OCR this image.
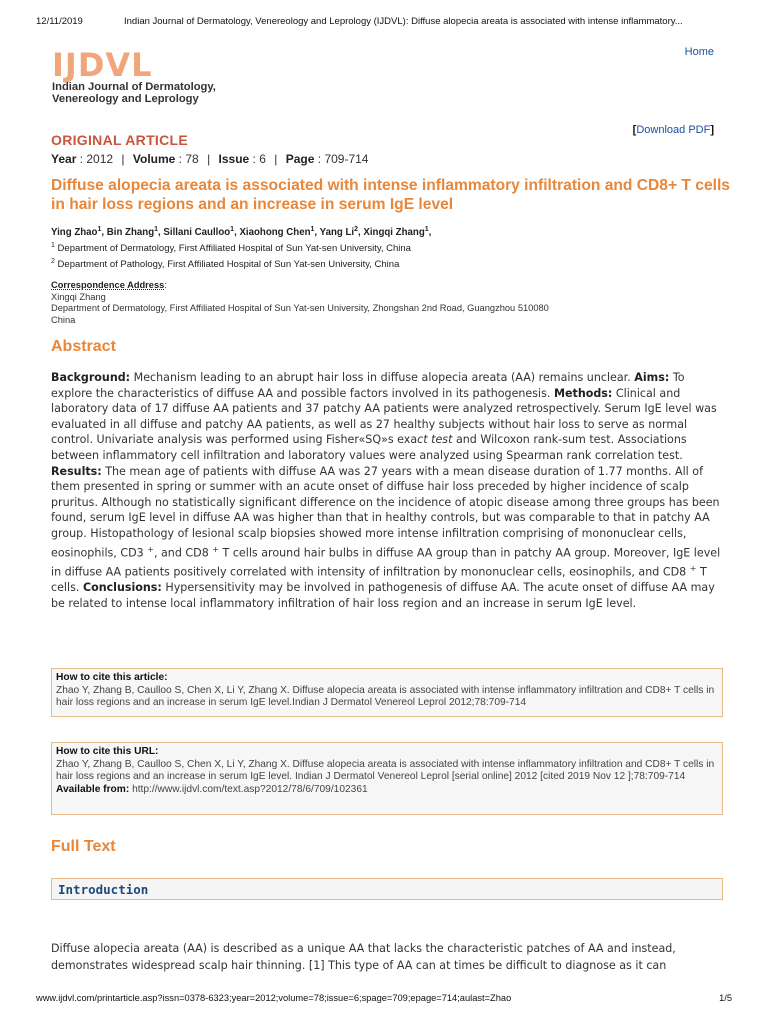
12/11/2019	Indian Journal of Dermatology, Venereology and Leprology (IJDVL): Diffuse alopecia areata is associated with intense inflammatory...
IJDVL
Indian Journal of Dermatology,
Venereology and Leprology
Home
ORIGINAL ARTICLE
[Download PDF]
Year : 2012 | Volume : 78 | Issue : 6 | Page : 709-714
Diffuse alopecia areata is associated with intense inflammatory infiltration and CD8+ T cells in hair loss regions and an increase in serum IgE level
Ying Zhao$^1$, Bin Zhang$^1$, Sillani Caulloo$^1$, Xiaohong Chen$^1$, Yang Li$^2$, Xingqi Zhang$^1$,
$^1$ Department of Dermatology, First Affiliated Hospital of Sun Yat-sen University, China
$^2$ Department of Pathology, First Affiliated Hospital of Sun Yat-sen University, China
Correspondence Address:
Xingqi Zhang
Department of Dermatology, First Affiliated Hospital of Sun Yat-sen University, Zhongshan 2nd Road, Guangzhou 510080
China
Abstract

Background: Mechanism leading to an abrupt hair loss in diffuse alopecia areata (AA) remains unclear. Aims: To explore the characteristics of diffuse AA and possible factors involved in its pathogenesis. Methods: Clinical and laboratory data of 17 diffuse AA patients and 37 patchy AA patients were analyzed retrospectively. Serum IgE level was evaluated in all diffuse and patchy AA patients, as well as 27 healthy subjects without hair loss to serve as normal control. Univariate analysis was performed using Fisher«SQ»s exact test and Wilcoxon rank-sum test. Associations between inflammatory cell infiltration and laboratory values were analyzed using Spearman rank correlation test. Results: The mean age of patients with diffuse AA was 27 years with a mean disease duration of 1.77 months. All of them presented in spring or summer with an acute onset of diffuse hair loss preceded by higher incidence of scalp pruritus. Although no statistically significant difference on the incidence of atopic disease among three groups has been found, serum IgE level in diffuse AA was higher than that in healthy controls, but was comparable to that in patchy AA group. Histopathology of lesional scalp biopsies showed more intense infiltration comprising of mononuclear cells, eosinophils, CD3 +, and CD8 + T cells around hair bulbs in diffuse AA group than in patchy AA group. Moreover, IgE level in diffuse AA patients positively correlated with intensity of infiltration by mononuclear cells, eosinophils, and CD8 + T cells. Conclusions: Hypersensitivity may be involved in pathogenesis of diffuse AA. The acute onset of diffuse AA may be related to intense local inflammatory infiltration of hair loss region and an increase in serum IgE level.

How to cite this article:
Zhao Y, Zhang B, Caulloo S, Chen X, Li Y, Zhang X. Diffuse alopecia areata is associated with intense inflammatory infiltration and CD8+ T cells in hair loss regions and an increase in serum IgE level.Indian J Dermatol Venereol Leprol 2012;78:709-714
How to cite this URL:
Zhao Y, Zhang B, Caulloo S, Chen X, Li Y, Zhang X. Diffuse alopecia areata is associated with intense inflammatory infiltration and CD8+ T cells in hair loss regions and an increase in serum IgE level. Indian J Dermatol Venereol Leprol [serial online] 2012 [cited 2019 Nov 12 ];78:709-714
Available from: http://www.ijdvl.com/text.asp?2012/78/6/709/102361
Full Text
Introduction

Diffuse alopecia areata (AA) is described as a unique AA that lacks the characteristic patches of AA and instead, demonstrates widespread scalp hair thinning. [1] This type of AA can at times be difficult to diagnose as it can

www.ijdvl.com/printarticle.asp?issn=0378-6323;year=2012;volume=78;issue=6;spage=709;epage=714;aulast=Zhao	1/5
